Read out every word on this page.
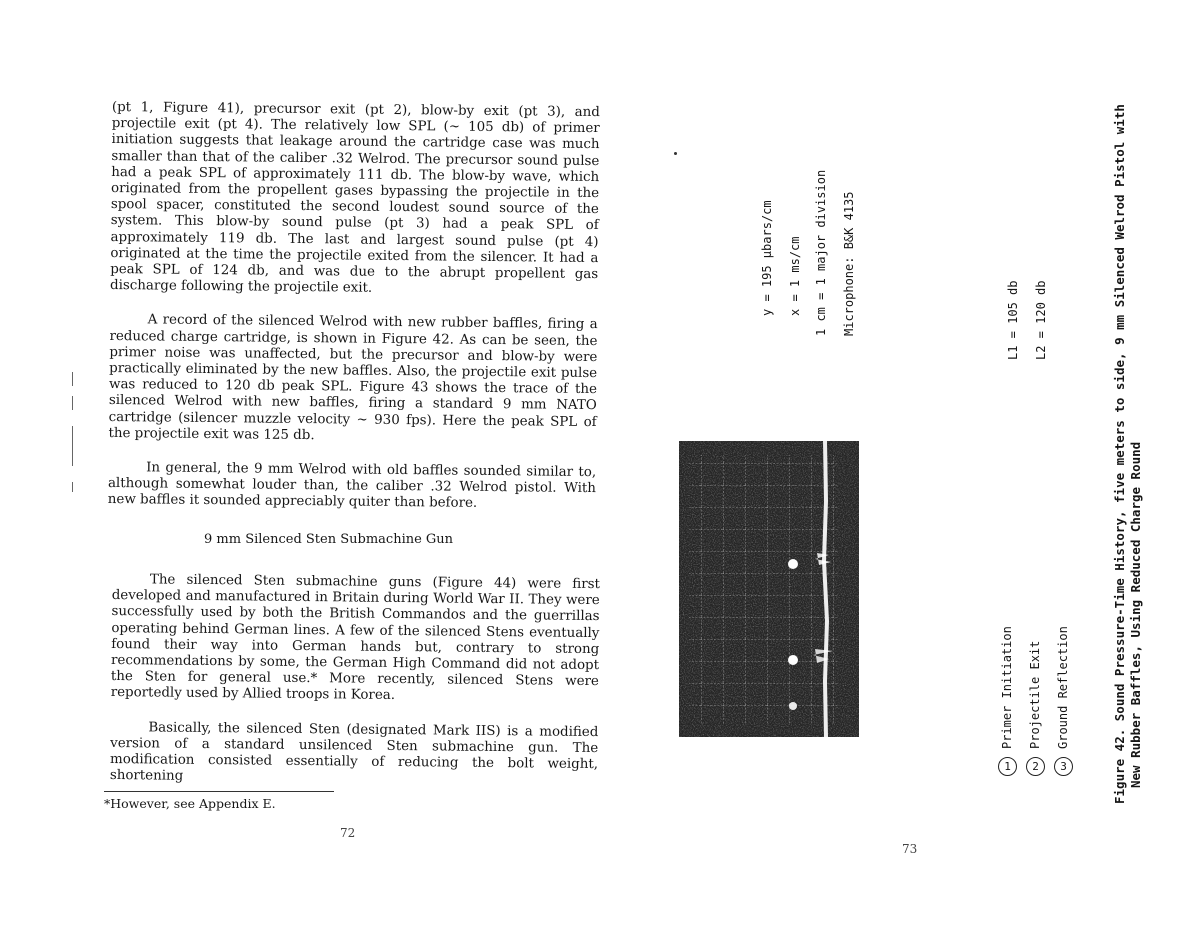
(pt 1, Figure 41), precursor exit (pt 2), blow-by exit (pt 3), and projectile exit (pt 4). The relatively low SPL (~ 105 db) of primer initiation suggests that leakage around the cartridge case was much smaller than that of the caliber .32 Welrod. The precursor sound pulse had a peak SPL of approximately 111 db. The blow-by wave, which originated from the propellent gases bypassing the projectile in the spool spacer, constituted the second loudest sound source of the system. This blow-by sound pulse (pt 3) had a peak SPL of approximately 119 db. The last and largest sound pulse (pt 4) originated at the time the projectile exited from the silencer. It had a peak SPL of 124 db, and was due to the abrupt propellent gas discharge following the projectile exit.

A record of the silenced Welrod with new rubber baffles, firing a reduced charge cartridge, is shown in Figure 42. As can be seen, the primer noise was unaffected, but the precursor and blow-by were practically eliminated by the new baffles. Also, the projectile exit pulse was reduced to 120 db peak SPL. Figure 43 shows the trace of the silenced Welrod with new baffles, firing a standard 9 mm NATO cartridge (silencer muzzle velocity ~ 930 fps). Here the peak SPL of the projectile exit was 125 db.

In general, the 9 mm Welrod with old baffles sounded similar to, although somewhat louder than, the caliber .32 Welrod pistol. With new baffles it sounded appreciably quiter than before.

9 mm Silenced Sten Submachine Gun

The silenced Sten submachine guns (Figure 44) were first developed and manufactured in Britain during World War II. They were successfully used by both the British Commandos and the guerrillas operating behind German lines. A few of the silenced Stens eventually found their way into German hands but, contrary to strong recommendations by some, the German High Command did not adopt the Sten for general use.* More recently, silenced Stens were reportedly used by Allied troops in Korea.

Basically, the silenced Sten (designated Mark IIS) is a modified version of a standard unsilenced Sten submachine gun. The modification consisted essentially of reducing the bolt weight, shortening

*However, see Appendix E.
72
y = 195 µbars/cm x = 1 ms/cm 1 cm = 1 major division Microphone: B&K 4135	L1 = 105 db L2 = 120 db
1Primer Initiation
2Projectile Exit
3Ground Reflection	Figure 42. Sound Pressure-Time History, five meters to side, 9 mm Silenced Welrod Pistol with New Rubber Baffles, Using Reduced Charge Round
73
